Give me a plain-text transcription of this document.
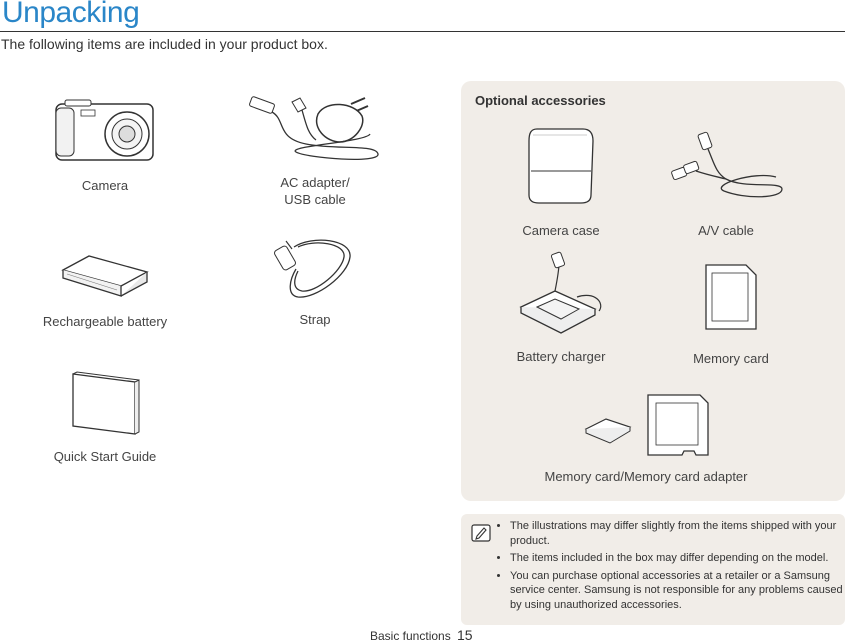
Unpacking
The following items are included in your product box.
Camera	AC adapter/
USB cable
Rechargeable battery	Strap
Quick Start Guide
Optional accessories
Camera case	A/V cable
Battery charger	Memory card
Memory card/Memory card adapter
• The illustrations may differ slightly from the items shipped with your product.
• The items included in the box may differ depending on the model.
• You can purchase optional accessories at a retailer or a Samsung service center. Samsung is not responsible for any problems caused by using unauthorized accessories.
Basic functions 15
